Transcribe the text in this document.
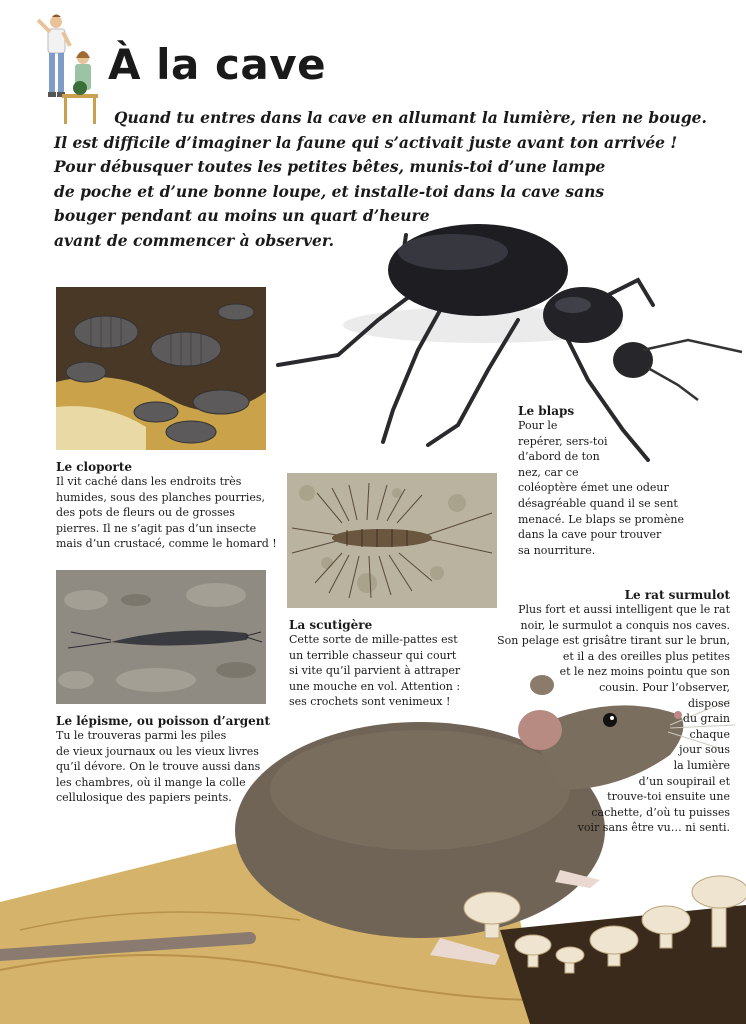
À la cave
Quand tu entres dans la cave en allumant la lumière, rien ne bouge.
Il est difficile d’imaginer la faune qui s’activait juste avant ton arrivée !
Pour débusquer toutes les petites bêtes, munis-toi d’une lampe
de poche et d’une bonne loupe, et installe-toi dans la cave sans
bouger pendant au moins un quart d’heure
avant de commencer à observer.

Le cloporte

Il vit caché dans les endroits très
humides, sous des planches pourries,
des pots de fleurs ou de grosses
pierres. Il ne s’agit pas d’un insecte
mais d’un crustacé, comme le homard !

Le blaps

Pour le
repérer, sers-toi
d’abord de ton
nez, car ce
coléoptère émet une odeur
désagréable quand il se sent
menacé. Le blaps se promène
dans la cave pour trouver
sa nourriture.

La scutigère

Cette sorte de mille-pattes est
un terrible chasseur qui court
si vite qu’il parvient à attraper
une mouche en vol. Attention :
ses crochets sont venimeux !

Le lépisme, ou poisson d’argent

Tu le trouveras parmi les piles
de vieux journaux ou les vieux livres
qu’il dévore. On le trouve aussi dans
les chambres, où il mange la colle
cellulosique des papiers peints.

Le rat surmulot

Plus fort et aussi intelligent que le rat
noir, le surmulot a conquis nos caves.
Son pelage est grisâtre tirant sur le brun,
et il a des oreilles plus petites
et le nez moins pointu que son
cousin. Pour l’observer,
dispose
du grain
chaque
jour sous
la lumière
d’un soupirail et
trouve-toi ensuite une
cachette, d’où tu puisses
voir sans être vu… ni senti.
